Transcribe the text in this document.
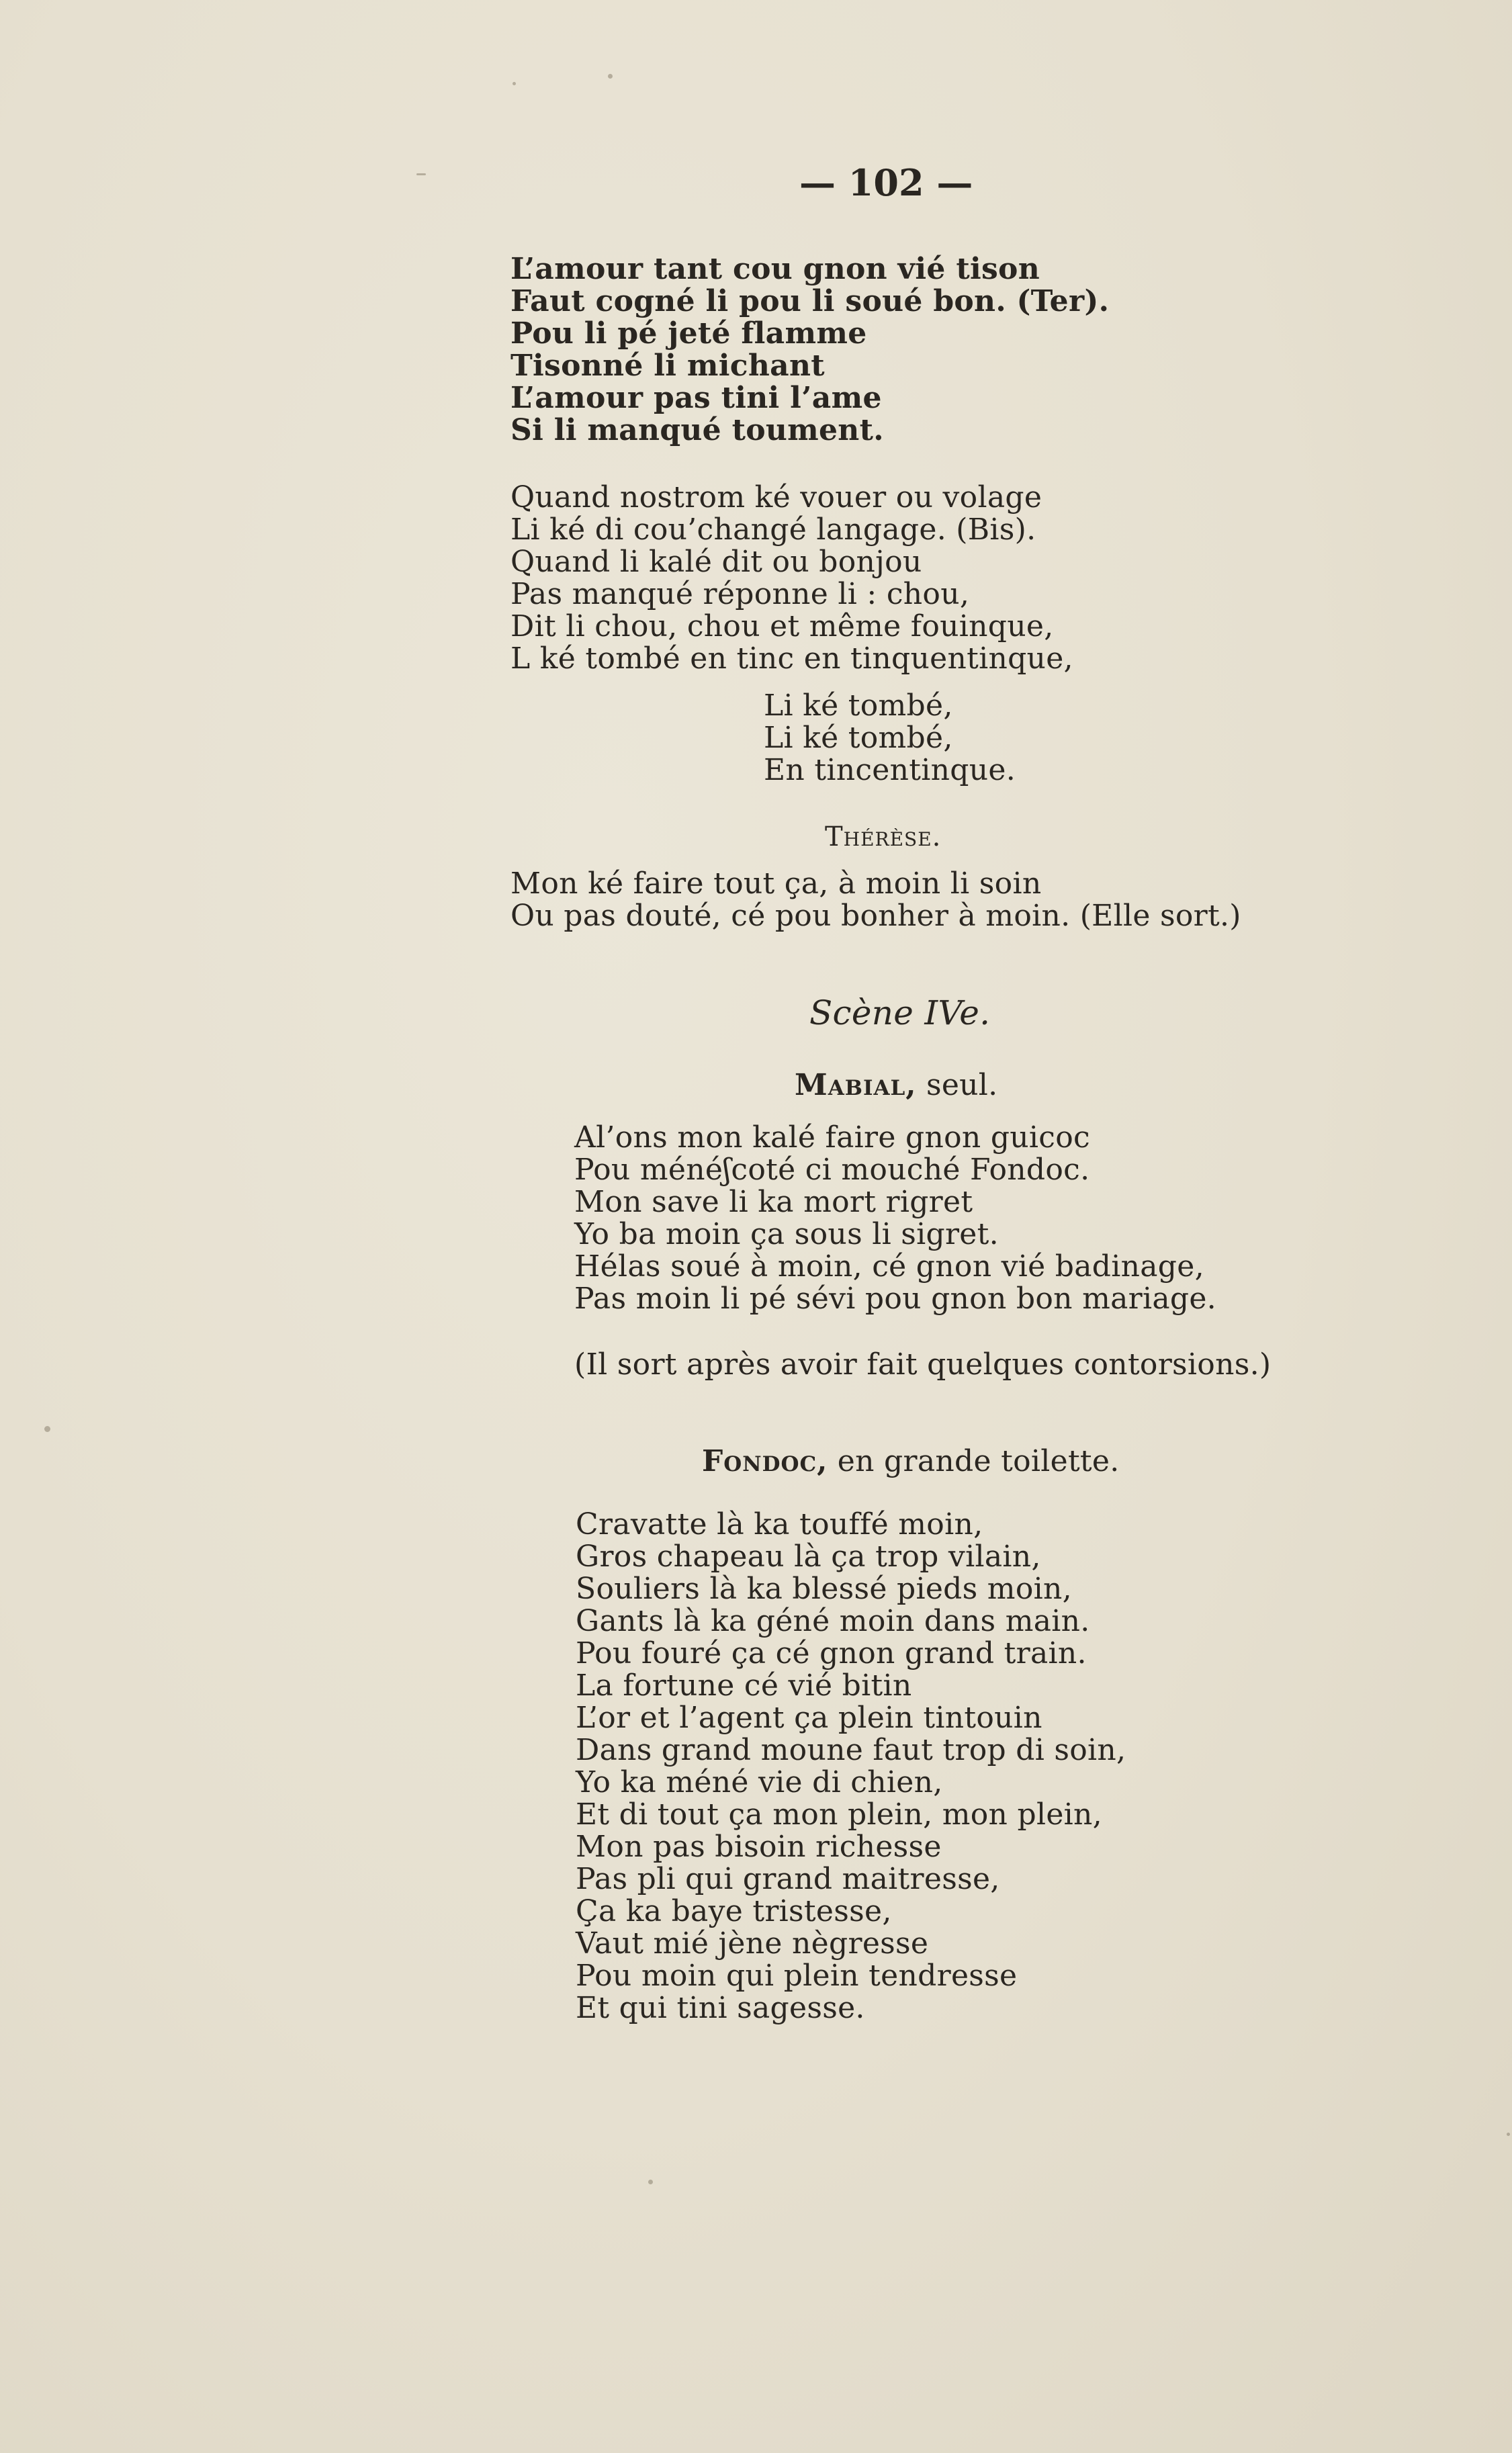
— 102 —
L’amour tant cou gnon vié tison
Faut cogné li pou li soué bon. (Ter).
Pou li pé jeté flamme
Tisonné li michant
L’amour pas tini l’ame
Si li manqué toument.
Quand nostrom ké vouer ou volage
Li ké di cou’changé langage. (Bis).
Quand li kalé dit ou bonjou
Pas manqué réponne li : chou,
Dit li chou, chou et même fouinque,
L ké tombé en tinc en tinquentinque,
Li ké tombé,
Li ké tombé,
En tincentinque.
Thérèse.
Mon ké faire tout ça, à moin li soin
Ou pas douté, cé pou bonher à moin. (Elle sort.)
Scène IVe.
Mabial, seul.
Al’ons mon kalé faire gnon guicoc
Pou ménéʃcoté ci mouché Fondoc.
Mon save li ka mort rigret
Yo ba moin ça sous li sigret.
Hélas soué à moin, cé gnon vié badinage,
Pas moin li pé sévi pou gnon bon mariage.
(Il sort après avoir fait quelques contorsions.)
Fondoc, en grande toilette.
Cravatte là ka touffé moin,
Gros chapeau là ça trop vilain,
Souliers là ka blessé pieds moin,
Gants là ka géné moin dans main.
Pou fouré ça cé gnon grand train.
La fortune cé vié bitin
L’or et l’agent ça plein tintouin
Dans grand moune faut trop di soin,
Yo ka méné vie di chien,
Et di tout ça mon plein, mon plein,
Mon pas bisoin richesse
Pas pli qui grand maitresse,
Ça ka baye tristesse,
Vaut mié jène nègresse
Pou moin qui plein tendresse
Et qui tini sagesse.
